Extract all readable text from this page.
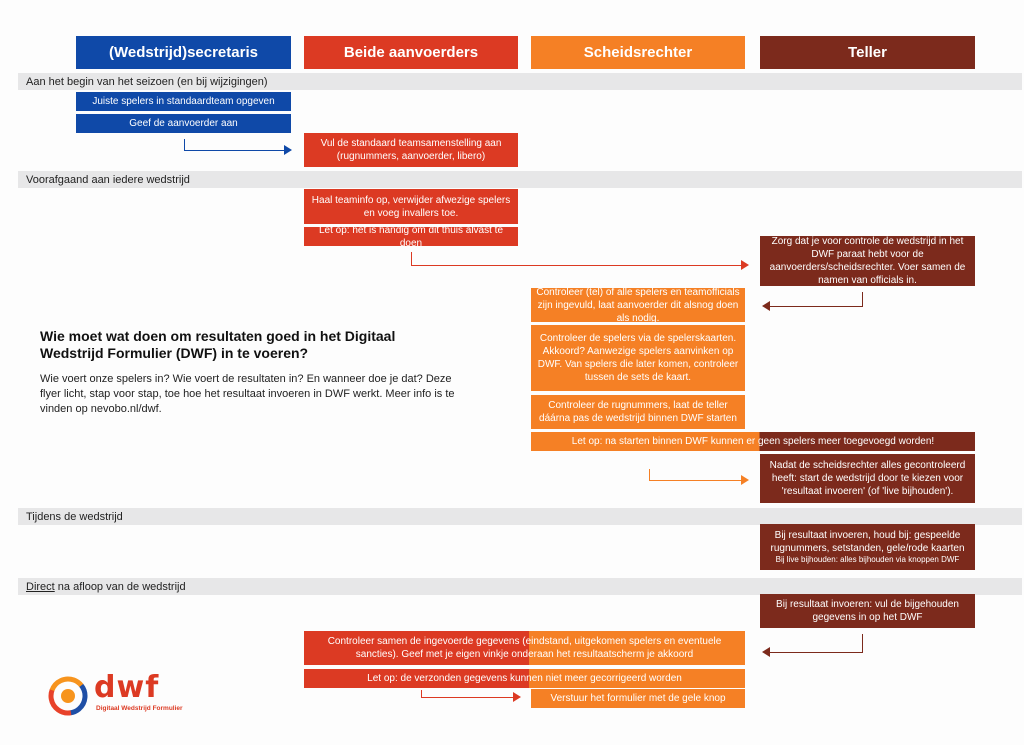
(Wedstrijd)secretaris	Beide aanvoerders	Scheidsrechter	Teller
Aan het begin van het seizoen (en bij wijzigingen)
Voorafgaand aan iedere wedstrijd
Tijdens de wedstrijd
Direct na afloop van de wedstrijd
Juiste spelers in standaardteam opgeven
Geef de aanvoerder aan
Vul de standaard teamsamenstelling aan (rugnummers, aanvoerder, libero)
Haal teaminfo op, verwijder afwezige spelers en voeg invallers toe.
Let op: het is handig om dit thuis alvast te doen	Zorg dat je voor controle de wedstrijd in het DWF paraat hebt voor de aanvoerders/scheidsrechter. Voer samen de namen van officials in.
Controleer (tel) of alle spelers en teamofficials zijn ingevuld, laat aanvoerder dit alsnog doen als nodig.
Controleer de spelers via de spelerskaarten. Akkoord? Aanwezige spelers aanvinken op DWF. Van spelers die later komen, controleer tussen de sets de kaart.
Controleer de rugnummers, laat de teller dáárna pas de wedstrijd binnen DWF starten
Let op: na starten binnen DWF kunnen er geen spelers meer toegevoegd worden!
Nadat de scheidsrechter alles gecontroleerd heeft: start de wedstrijd door te kiezen voor 'resultaat invoeren' (of 'live bijhouden').
Bij resultaat invoeren, houd bij: gespeelde rugnummers, setstanden, gele/rode kaarten
Bij live bijhouden: alles bijhouden via knoppen DWF
Bij resultaat invoeren: vul de bijgehouden gegevens in op het DWF
Controleer samen de ingevoerde gegevens (eindstand, uitgekomen spelers en eventuele sancties). Geef met je eigen vinkje onderaan het resultaatscherm je akkoord
Let op: de verzonden gegevens kunnen niet meer gecorrigeerd worden
Verstuur het formulier met de gele knop
Wie moet wat doen om resultaten goed in het Digitaal Wedstrijd Formulier (DWF) in te voeren?
Wie voert onze spelers in? Wie voert de resultaten in? En wanneer doe je dat? Deze flyer licht, stap voor stap, toe hoe het resultaat invoeren in DWF werkt. Meer info is te vinden op nevobo.nl/dwf.
dwf
Digitaal Wedstrijd Formulier
